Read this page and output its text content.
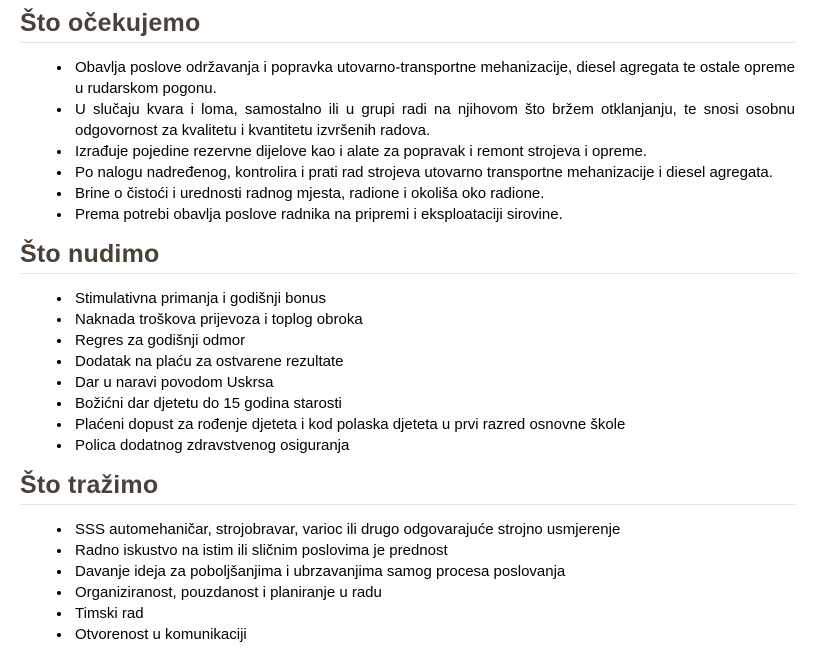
Što očekujemo
• Obavlja poslove održavanja i popravka utovarno-transportne mehanizacije, diesel agregata te ostale opreme u rudarskom pogonu.
• U slučaju kvara i loma, samostalno ili u grupi radi na njihovom što bržem otklanjanju, te snosi osobnu odgovornost za kvalitetu i kvantitetu izvršenih radova.
• Izrađuje pojedine rezervne dijelove kao i alate za popravak i remont strojeva i opreme.
• Po nalogu nadređenog, kontrolira i prati rad strojeva utovarno transportne mehanizacije i diesel agregata.
• Brine o čistoći i urednosti radnog mjesta, radione i okoliša oko radione.
• Prema potrebi obavlja poslove radnika na pripremi i eksploataciji sirovine.
Što nudimo
• Stimulativna primanja i godišnji bonus
• Naknada troškova prijevoza i toplog obroka
• Regres za godišnji odmor
• Dodatak na plaću za ostvarene rezultate
• Dar u naravi povodom Uskrsa
• Božićni dar djetetu do 15 godina starosti
• Plaćeni dopust za rođenje djeteta i kod polaska djeteta u prvi razred osnovne škole
• Polica dodatnog zdravstvenog osiguranja
Što tražimo
• SSS automehaničar, strojobravar, varioc ili drugo odgovarajuće strojno usmjerenje
• Radno iskustvo na istim ili sličnim poslovima je prednost
• Davanje ideja za poboljšanjima i ubrzavanjima samog procesa poslovanja
• Organiziranost, pouzdanost i planiranje u radu
• Timski rad
• Otvorenost u komunikaciji
